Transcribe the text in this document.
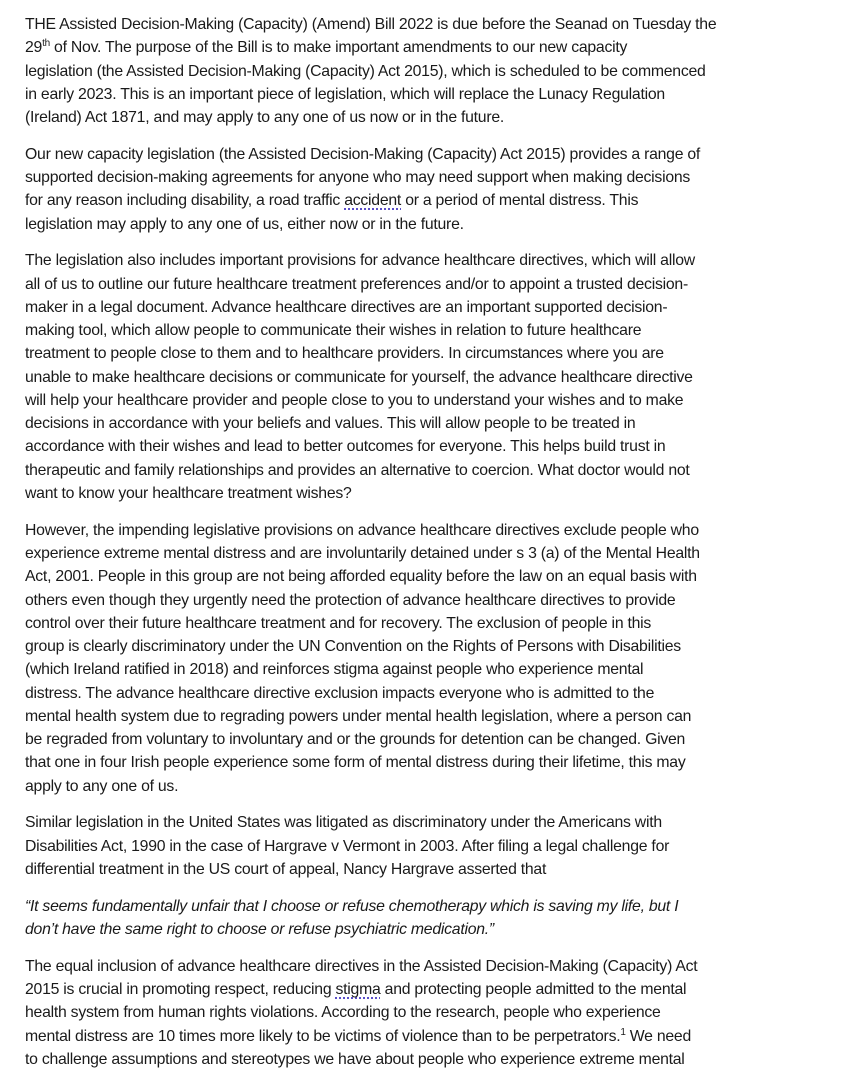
THE Assisted Decision-Making (Capacity) (Amend) Bill 2022 is due before the Seanad on Tuesday the
29th of Nov. The purpose of the Bill is to make important amendments to our new capacity
legislation (the Assisted Decision-Making (Capacity) Act 2015), which is scheduled to be commenced
in early 2023. This is an important piece of legislation, which will replace the Lunacy Regulation
(Ireland) Act 1871, and may apply to any one of us now or in the future.
Our new capacity legislation (the Assisted Decision-Making (Capacity) Act 2015) provides a range of
supported decision-making agreements for anyone who may need support when making decisions
for any reason including disability, a road traffic accident or a period of mental distress. This
legislation may apply to any one of us, either now or in the future.
The legislation also includes important provisions for advance healthcare directives, which will allow
all of us to outline our future healthcare treatment preferences and/or to appoint a trusted decision-
maker in a legal document. Advance healthcare directives are an important supported decision-
making tool, which allow people to communicate their wishes in relation to future healthcare
treatment to people close to them and to healthcare providers. In circumstances where you are
unable to make healthcare decisions or communicate for yourself, the advance healthcare directive
will help your healthcare provider and people close to you to understand your wishes and to make
decisions in accordance with your beliefs and values. This will allow people to be treated in
accordance with their wishes and lead to better outcomes for everyone. This helps build trust in
therapeutic and family relationships and provides an alternative to coercion. What doctor would not
want to know your healthcare treatment wishes?
However, the impending legislative provisions on advance healthcare directives exclude people who
experience extreme mental distress and are involuntarily detained under s 3 (a) of the Mental Health
Act, 2001. People in this group are not being afforded equality before the law on an equal basis with
others even though they urgently need the protection of advance healthcare directives to provide
control over their future healthcare treatment and for recovery. The exclusion of people in this
group is clearly discriminatory under the UN Convention on the Rights of Persons with Disabilities
(which Ireland ratified in 2018) and reinforces stigma against people who experience mental
distress. The advance healthcare directive exclusion impacts everyone who is admitted to the
mental health system due to regrading powers under mental health legislation, where a person can
be regraded from voluntary to involuntary and or the grounds for detention can be changed. Given
that one in four Irish people experience some form of mental distress during their lifetime, this may
apply to any one of us.
Similar legislation in the United States was litigated as discriminatory under the Americans with
Disabilities Act, 1990 in the case of Hargrave v Vermont in 2003. After filing a legal challenge for
differential treatment in the US court of appeal, Nancy Hargrave asserted that
“It seems fundamentally unfair that I choose or refuse chemotherapy which is saving my life, but I
don’t have the same right to choose or refuse psychiatric medication.”
The equal inclusion of advance healthcare directives in the Assisted Decision-Making (Capacity) Act
2015 is crucial in promoting respect, reducing stigma and protecting people admitted to the mental
health system from human rights violations. According to the research, people who experience
mental distress are 10 times more likely to be victims of violence than to be perpetrators.$^1$ We need
to challenge assumptions and stereotypes we have about people who experience extreme mental
